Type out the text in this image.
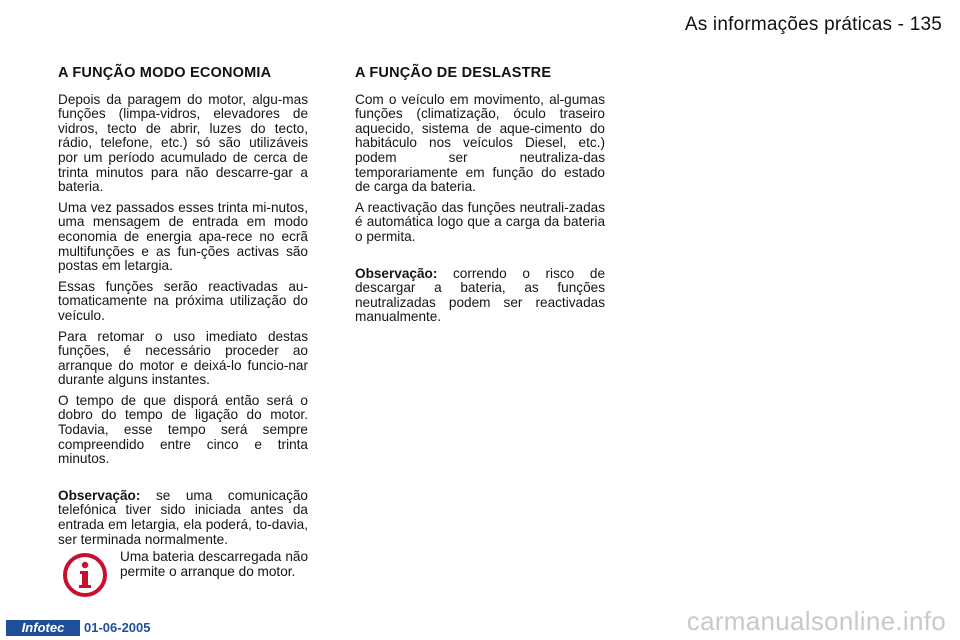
As informações práticas - 135
A FUNÇÃO MODO ECONOMIA

Depois da paragem do motor, algu-mas funções (limpa-vidros, elevadores de vidros, tecto de abrir, luzes do tecto, rádio, telefone, etc.) só são utilizáveis por um período acumulado de cerca de trinta minutos para não descarre-gar a bateria.

Uma vez passados esses trinta mi-nutos, uma mensagem de entrada em modo economia de energia apa-rece no ecrã multifunções e as fun-ções activas são postas em letargia.

Essas funções serão reactivadas au-tomaticamente na próxima utilização do veículo.

Para retomar o uso imediato destas funções, é necessário proceder ao arranque do motor e deixá-lo funcio-nar durante alguns instantes.

O tempo de que disporá então será o dobro do tempo de ligação do motor. Todavia, esse tempo será sempre compreendido entre cinco e trinta minutos.

Observação: se uma comunicação telefónica tiver sido iniciada antes da entrada em letargia, ela poderá, to-davia, ser terminada normalmente.

A FUNÇÃO DE DESLASTRE

Com o veículo em movimento, al-gumas funções (climatização, óculo traseiro aquecido, sistema de aque-cimento do habitáculo nos veículos Diesel, etc.) podem ser neutraliza-das temporariamente em função do estado de carga da bateria.

A reactivação das funções neutrali-zadas é automática logo que a carga da bateria o permita.

Observação: correndo o risco de descargar a bateria, as funções neutralizadas podem ser reactivadas manualmente.

Uma bateria descarregada não permite o arranque do motor.
Infotec	01-06-2005	carmanualsonline.info
